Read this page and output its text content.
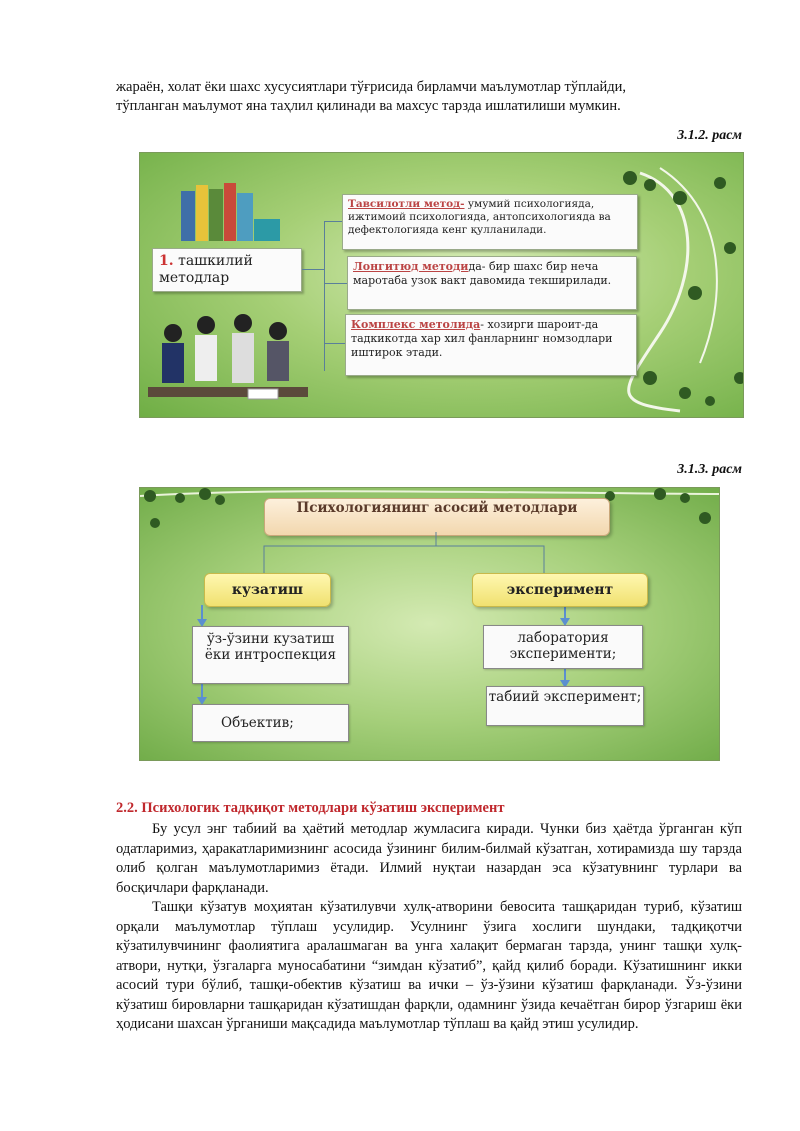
жараён, холат ёки шахс хусусиятлари тўғрисида бирламчи маълумотлар тўплайди,
тўпланган маълумот яна таҳлил қилинади ва махсус тарзда ишлатилиши мумкин.
3.1.2. расм
1. ташкилий методлар
Тавсилотли метод- умумий психологияда, ижтимоий психологияда, антопсихологияда ва дефектологияда кенг қулланилади.
Лонгитюд методида- бир шахс бир неча маротаба узок вакт давомида текширилади.
Комплекс метолида- хозирги шароит-да тадкикотда хар хил фанларнинг номзодлари иштирок этади.
3.1.3. расм
Психологиянинг асосий методлари
кузатиш	эксперимент
ўз-ўзини кузатиш ёки интроспекция
Объектив;
лаборатория эксперименти;
табиий эксперимент;
2.2. Психологик тадқиқот методлари кўзатиш эксперимент
Бу усул энг табиий ва ҳаётий методлар жумласига киради. Чунки биз ҳаётда ўрганган кўп одатларимиз, ҳаракатларимизнинг асосида ўзининг билим-билмай кўзатган, хотирамизда шу тарзда олиб қолган маълумотларимиз ётади. Илмий нуқтаи назардан эса кўзатувнинг турлари ва босқичлари фарқланади.
Ташқи кўзатув моҳиятан кўзатилувчи хулқ-атворини бевосита ташқаридан туриб, кўзатиш орқали маълумотлар тўплаш усулидир. Усулнинг ўзига хослиги шундаки, тадқиқотчи кўзатилувчининг фаолиятига аралашмаган ва унга халақит бермаган тарзда, унинг ташқи хулқ-атвори, нутқи, ўзгаларга муносабатини “зимдан кўзатиб”, қайд қилиб боради. Кўзатишнинг икки асосий тури бўлиб, ташқи-обектив кўзатиш ва ички – ўз-ўзини кўзатиш фарқланади. Ўз-ўзини кўзатиш бировларни ташқаридан кўзатишдан фарқли, одамнинг ўзида кечаётган бирор ўзгариш ёки ҳодисани шахсан ўрганиши мақсадида маълумотлар тўплаш ва қайд этиш усулидир.
